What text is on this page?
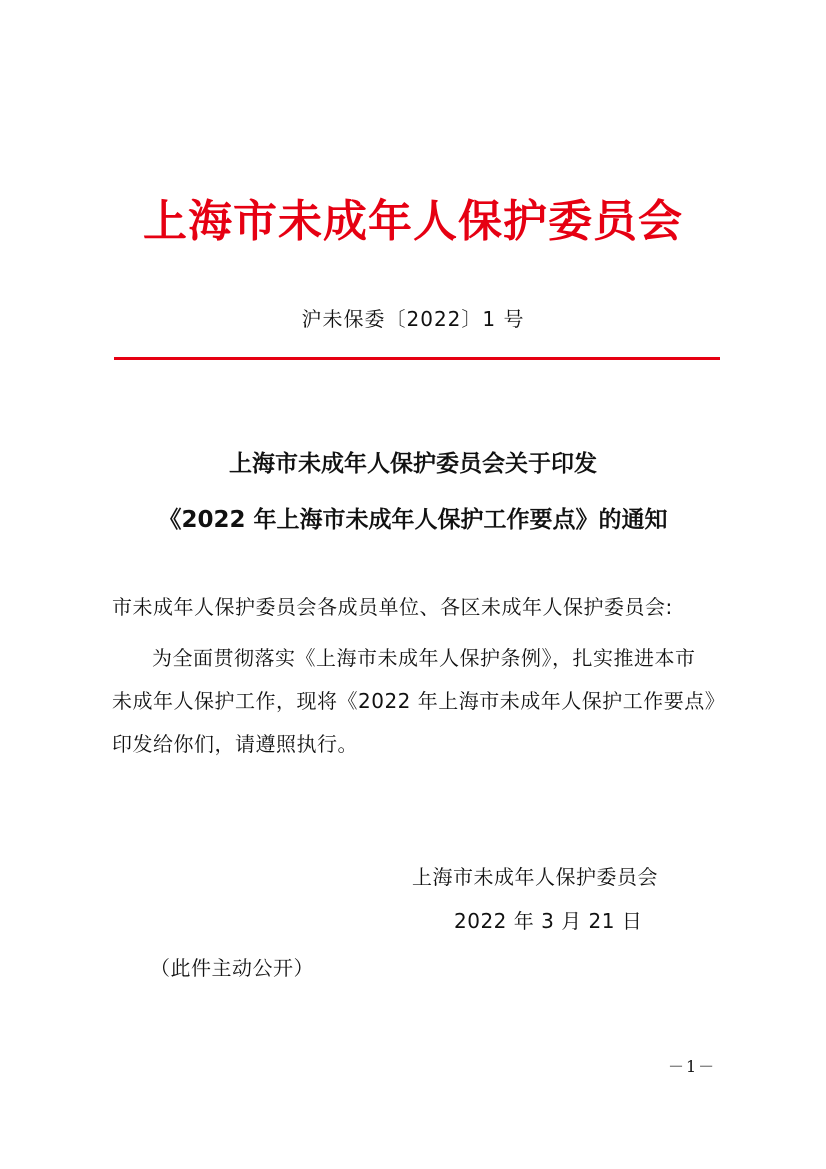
上海市未成年人保护委员会
沪未保委〔2022〕1 号
上海市未成年人保护委员会关于印发
《2022 年上海市未成年人保护工作要点》的通知
市未成年人保护委员会各成员单位、各区未成年人保护委员会:
为全面贯彻落实《上海市未成年人保护条例》，扎实推进本市
未成年人保护工作，现将《2022 年上海市未成年人保护工作要点》
印发给你们，请遵照执行。
上海市未成年人保护委员会
2022 年 3 月 21 日
（此件主动公开）
－1－
